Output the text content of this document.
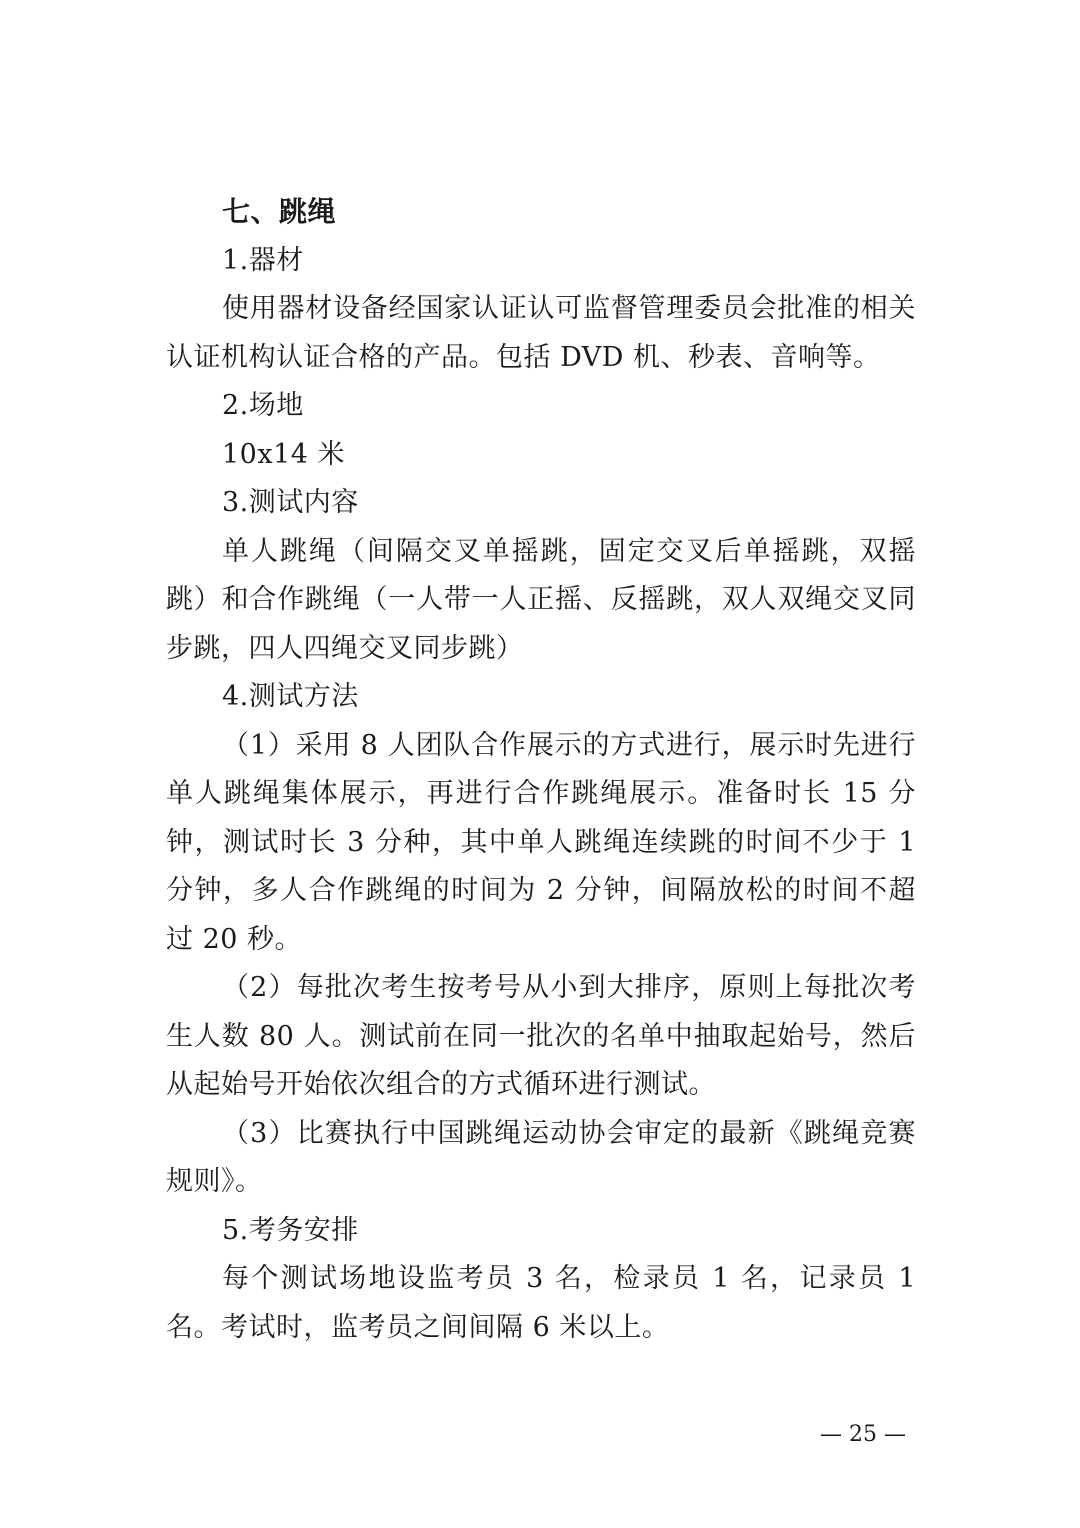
七、跳绳

1.器材

使用器材设备经国家认证认可监督管理委员会批准的相关认证机构认证合格的产品。包括 DVD 机、秒表、音响等。

2.场地

10x14 米

3.测试内容

单人跳绳（间隔交叉单摇跳，固定交叉后单摇跳，双摇跳）和合作跳绳（一人带一人正摇、反摇跳，双人双绳交叉同步跳，四人四绳交叉同步跳）

4.测试方法

（1）采用 8 人团队合作展示的方式进行，展示时先进行单人跳绳集体展示，再进行合作跳绳展示。准备时长 15 分钟，测试时长 3 分种，其中单人跳绳连续跳的时间不少于 1 分钟，多人合作跳绳的时间为 2 分钟，间隔放松的时间不超过 20 秒。

（2）每批次考生按考号从小到大排序，原则上每批次考生人数 80 人。测试前在同一批次的名单中抽取起始号，然后从起始号开始依次组合的方式循环进行测试。

（3）比赛执行中国跳绳运动协会审定的最新《跳绳竞赛规则》。

5.考务安排

每个测试场地设监考员 3 名，检录员 1 名，记录员 1 名。考试时，监考员之间间隔 6 米以上。

— 25 —
